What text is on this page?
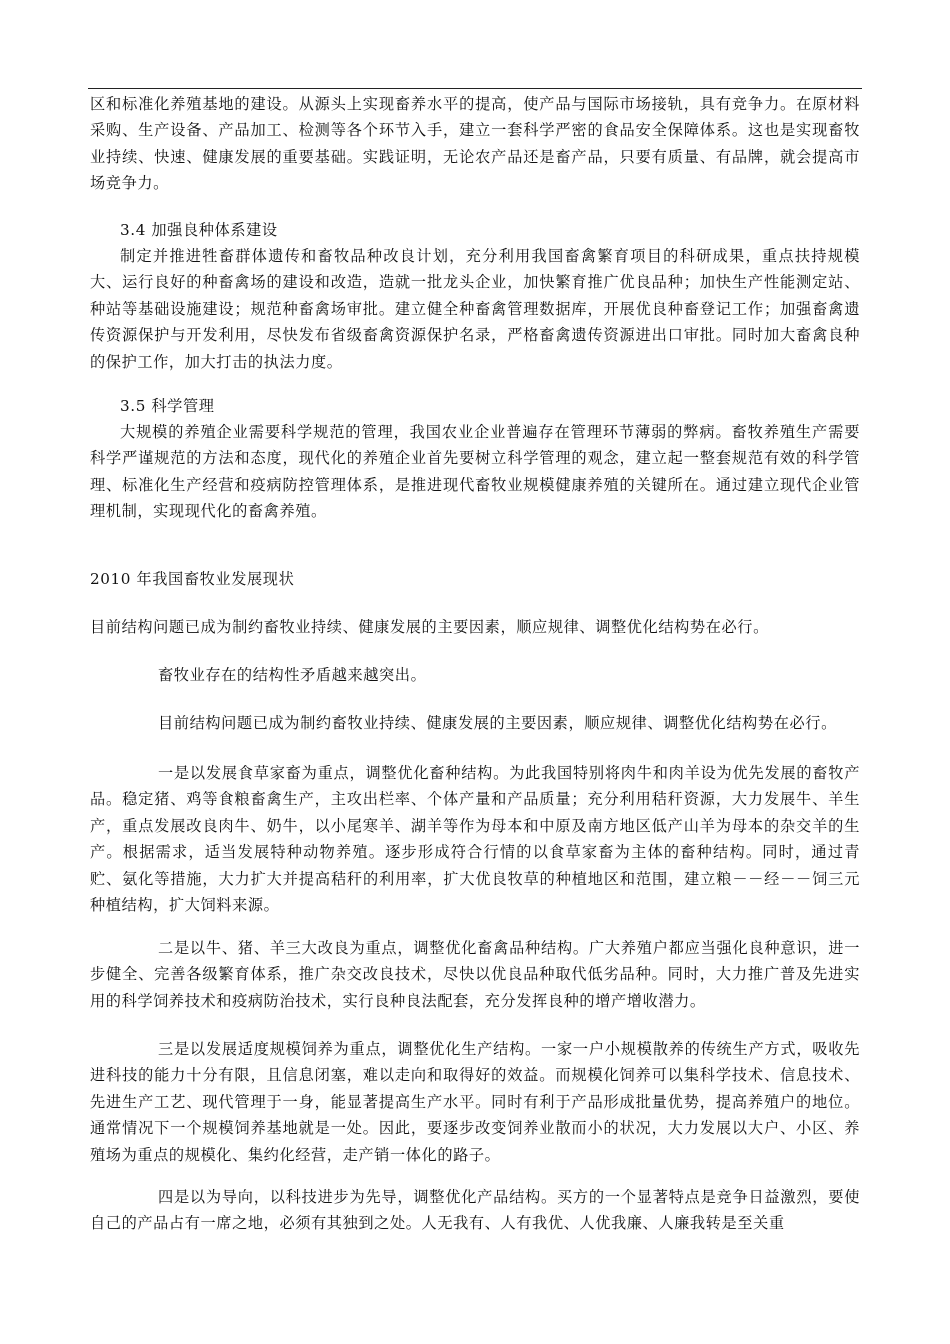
区和标准化养殖基地的建设。从源头上实现畜养水平的提高，使产品与国际市场接轨，具有竞争力。在原材料采购、生产设备、产品加工、检测等各个环节入手，建立一套科学严密的食品安全保障体系。这也是实现畜牧业持续、快速、健康发展的重要基础。实践证明，无论农产品还是畜产品，只要有质量、有品牌，就会提高市场竞争力。

3.4 加强良种体系建设

制定并推进牲畜群体遗传和畜牧品种改良计划，充分利用我国畜禽繁育项目的科研成果，重点扶持规模大、运行良好的种畜禽场的建设和改造，造就一批龙头企业，加快繁育推广优良品种；加快生产性能测定站、种站等基础设施建设；规范种畜禽场审批。建立健全种畜禽管理数据库，开展优良种畜登记工作；加强畜禽遗传资源保护与开发利用，尽快发布省级畜禽资源保护名录，严格畜禽遗传资源进出口审批。同时加大畜禽良种的保护工作，加大打击的执法力度。

3.5 科学管理

大规模的养殖企业需要科学规范的管理，我国农业企业普遍存在管理环节薄弱的弊病。畜牧养殖生产需要科学严谨规范的方法和态度，现代化的养殖企业首先要树立科学管理的观念，建立起一整套规范有效的科学管理、标准化生产经营和疫病防控管理体系，是推进现代畜牧业规模健康养殖的关键所在。通过建立现代企业管理机制，实现现代化的畜禽养殖。

2010 年我国畜牧业发展现状

目前结构问题已成为制约畜牧业持续、健康发展的主要因素，顺应规律、调整优化结构势在必行。

畜牧业存在的结构性矛盾越来越突出。

目前结构问题已成为制约畜牧业持续、健康发展的主要因素，顺应规律、调整优化结构势在必行。

一是以发展食草家畜为重点，调整优化畜种结构。为此我国特别将肉牛和肉羊设为优先发展的畜牧产品。稳定猪、鸡等食粮畜禽生产，主攻出栏率、个体产量和产品质量；充分利用秸秆资源，大力发展牛、羊生产，重点发展改良肉牛、奶牛，以小尾寒羊、湖羊等作为母本和中原及南方地区低产山羊为母本的杂交羊的生产。根据需求，适当发展特种动物养殖。逐步形成符合行情的以食草家畜为主体的畜种结构。同时，通过青贮、氨化等措施，大力扩大并提高秸秆的利用率，扩大优良牧草的种植地区和范围，建立粮－－经－－饲三元种植结构，扩大饲料来源。

二是以牛、猪、羊三大改良为重点，调整优化畜禽品种结构。广大养殖户都应当强化良种意识，进一步健全、完善各级繁育体系，推广杂交改良技术，尽快以优良品种取代低劣品种。同时，大力推广普及先进实用的科学饲养技术和疫病防治技术，实行良种良法配套，充分发挥良种的增产增收潜力。

三是以发展适度规模饲养为重点，调整优化生产结构。一家一户小规模散养的传统生产方式，吸收先进科技的能力十分有限，且信息闭塞，难以走向和取得好的效益。而规模化饲养可以集科学技术、信息技术、先进生产工艺、现代管理于一身，能显著提高生产水平。同时有利于产品形成批量优势，提高养殖户的地位。通常情况下一个规模饲养基地就是一处。因此，要逐步改变饲养业散而小的状况，大力发展以大户、小区、养殖场为重点的规模化、集约化经营，走产销一体化的路子。

四是以为导向，以科技进步为先导，调整优化产品结构。买方的一个显著特点是竞争日益激烈，要使自己的产品占有一席之地，必须有其独到之处。人无我有、人有我优、人优我廉、人廉我转是至关重
